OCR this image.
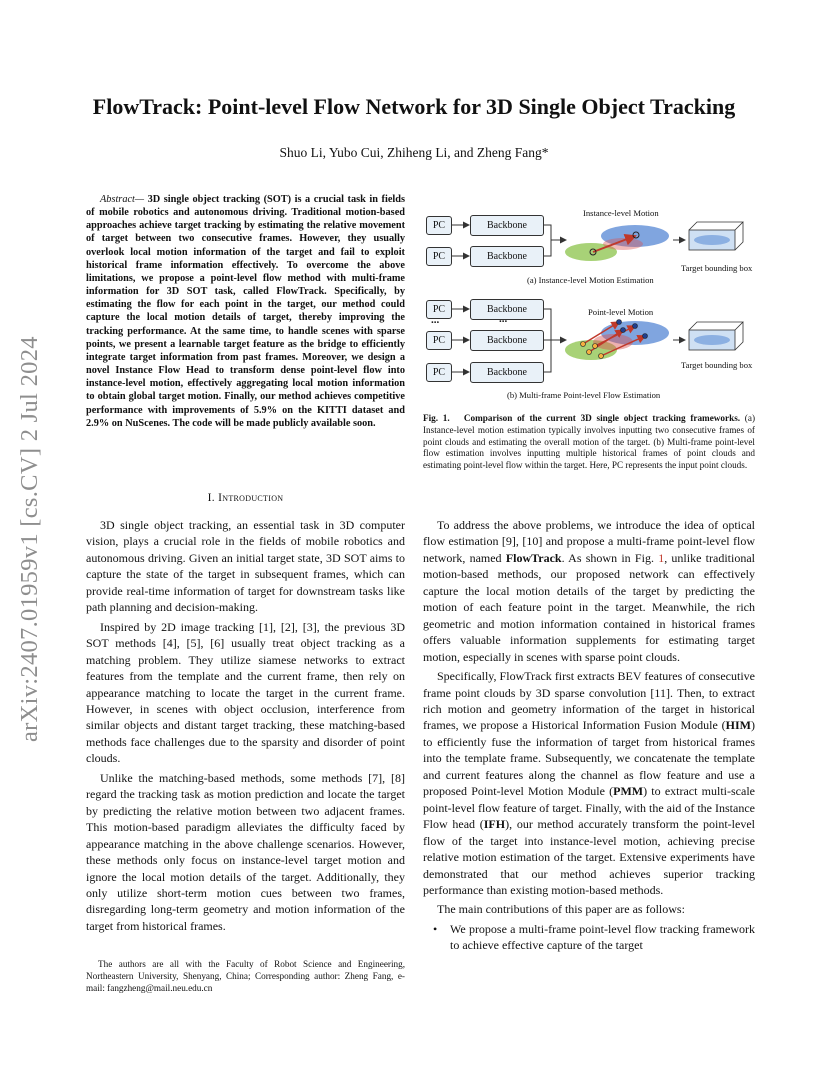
arXiv:2407.01959v1 [cs.CV] 2 Jul 2024
FlowTrack: Point-level Flow Network for 3D Single Object Tracking
Shuo Li, Yubo Cui, Zhiheng Li, and Zheng Fang*
Abstract— 3D single object tracking (SOT) is a crucial task in fields of mobile robotics and autonomous driving. Traditional motion-based approaches achieve target tracking by estimating the relative movement of target between two consecutive frames. However, they usually overlook local motion information of the target and fail to exploit historical frame information effectively. To overcome the above limitations, we propose a point-level flow method with multi-frame information for 3D SOT task, called FlowTrack. Specifically, by estimating the flow for each point in the target, our method could capture the local motion details of target, thereby improving the tracking performance. At the same time, to handle scenes with sparse points, we present a learnable target feature as the bridge to efficiently integrate target information from past frames. Moreover, we design a novel Instance Flow Head to transform dense point-level flow into instance-level motion, effectively aggregating local motion information to obtain global target motion. Finally, our method achieves competitive performance with improvements of 5.9% on the KITTI dataset and 2.9% on NuScenes. The code will be made publicly available soon.
I. Introduction

3D single object tracking, an essential task in 3D computer vision, plays a crucial role in the fields of mobile robotics and autonomous driving. Given an initial target state, 3D SOT aims to capture the state of the target in subsequent frames, which can provide real-time information of target for downstream tasks like path planning and decision-making.

Inspired by 2D image tracking [1], [2], [3], the previous 3D SOT methods [4], [5], [6] usually treat object tracking as a matching problem. They utilize siamese networks to extract features from the template and the current frame, then rely on appearance matching to locate the target in the current frame. However, in scenes with object occlusion, interference from similar objects and distant target tracking, these matching-based methods face challenges due to the sparsity and disorder of point clouds.

Unlike the matching-based methods, some methods [7], [8] regard the tracking task as motion prediction and locate the target by predicting the relative motion between two adjacent frames. This motion-based paradigm alleviates the difficulty faced by appearance matching in the above challenge scenarios. However, these methods only focus on instance-level target motion and ignore the local motion details of the target. Additionally, they only utilize short-term motion cues between two frames, disregarding long-term geometry and motion information of the target from historical frames.

The authors are all with the Faculty of Robot Science and Engineering, Northeastern University, Shenyang, China; Corresponding author: Zheng Fang, e-mail: fangzheng@mail.neu.edu.cn
PC	Backbone
PC	Backbone
Instance-level Motion
Target bounding box
(a) Instance-level Motion Estimation
PC	Backbone
...	...
PC	Backbone
PC	Backbone
Point-level Motion
Target bounding box
(b) Multi-frame Point-level Flow Estimation
Fig. 1. Comparison of the current 3D single object tracking frameworks. (a) Instance-level motion estimation typically involves inputting two consecutive frames of point clouds and estimating the overall motion of the target. (b) Multi-frame point-level flow estimation involves inputting multiple historical frames of point clouds and estimating point-level flow within the target. Here, PC represents the input point clouds.

To address the above problems, we introduce the idea of optical flow estimation [9], [10] and propose a multi-frame point-level flow network, named FlowTrack. As shown in Fig. 1, unlike traditional motion-based methods, our proposed network can effectively capture the local motion details of the target by predicting the motion of each feature point in the target. Meanwhile, the rich geometric and motion information contained in historical frames offers valuable information supplements for estimating target motion, especially in scenes with sparse point clouds.

Specifically, FlowTrack first extracts BEV features of consecutive frame point clouds by 3D sparse convolution [11]. Then, to extract rich motion and geometry information of the target in historical frames, we propose a Historical Information Fusion Module (HIM) to efficiently fuse the information of target from historical frames into the template frame. Subsequently, we concatenate the template and current features along the channel as flow feature and use a proposed Point-level Motion Module (PMM) to extract multi-scale point-level flow feature of target. Finally, with the aid of the Instance Flow head (IFH), our method accurately transform the point-level flow of the target into instance-level motion, achieving precise relative motion estimation of the target. Extensive experiments have demonstrated that our method achieves superior tracking performance than existing motion-based methods.

The main contributions of this paper are as follows:

• We propose a multi-frame point-level flow tracking framework to achieve effective capture of the target
